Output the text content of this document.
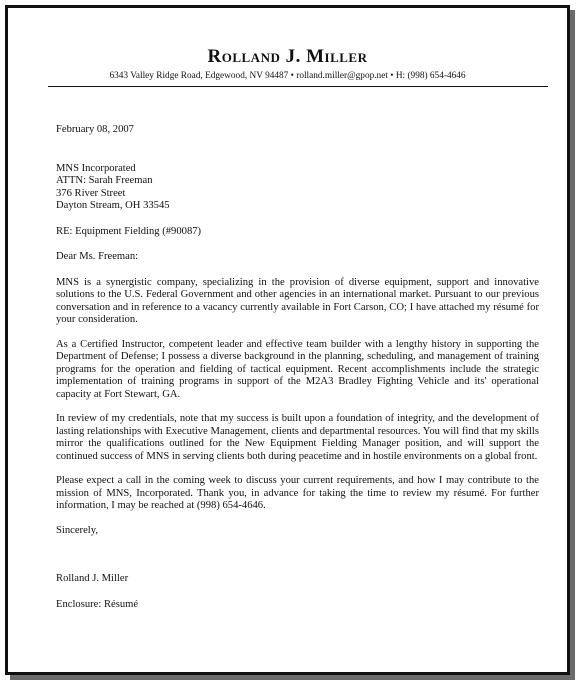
Rolland J. Miller
6343 Valley Ridge Road, Edgewood, NV 94487 • rolland.miller@gpop.net • H: (998) 654-4646

February 08, 2007

MNS Incorporated

ATTN: Sarah Freeman

376 River Street

Dayton Stream, OH 33545

RE: Equipment Fielding (#90087)

Dear Ms. Freeman:

MNS is a synergistic company, specializing in the provision of diverse equipment, support and innovative solutions to the U.S. Federal Government and other agencies in an international market. Pursuant to our previous conversation and in reference to a vacancy currently available in Fort Carson, CO; I have attached my résumé for your consideration.

As a Certified Instructor, competent leader and effective team builder with a lengthy history in supporting the Department of Defense; I possess a diverse background in the planning, scheduling, and management of training programs for the operation and fielding of tactical equipment. Recent accomplishments include the strategic implementation of training programs in support of the M2A3 Bradley Fighting Vehicle and its' operational capacity at Fort Stewart, GA.

In review of my credentials, note that my success is built upon a foundation of integrity, and the development of lasting relationships with Executive Management, clients and departmental resources. You will find that my skills mirror the qualifications outlined for the New Equipment Fielding Manager position, and will support the continued success of MNS in serving clients both during peacetime and in hostile environments on a global front.

Please expect a call in the coming week to discuss your current requirements, and how I may contribute to the mission of MNS, Incorporated. Thank you, in advance for taking the time to review my résumé. For further information, I may be reached at (998) 654-4646.

Sincerely,

Rolland J. Miller

Enclosure: Résumé
